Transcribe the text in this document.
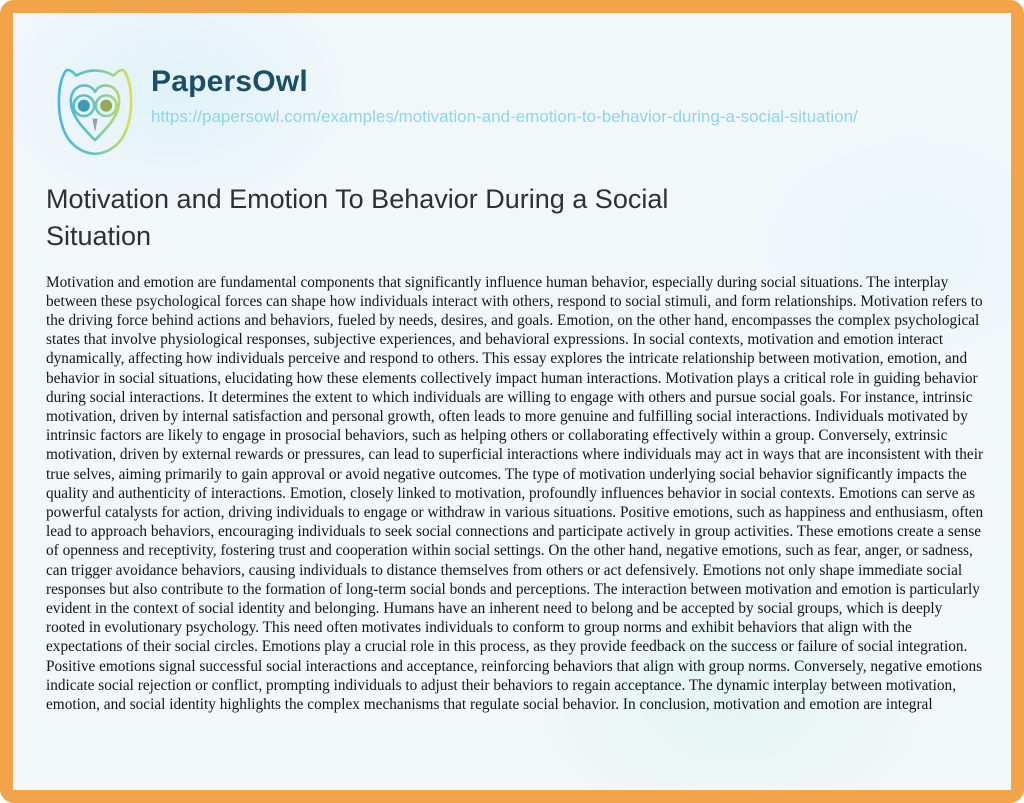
PapersOwl
https://papersowl.com/examples/motivation-and-emotion-to-behavior-during-a-social-situation/
Motivation and Emotion To Behavior During a Social Situation
Motivation and emotion are fundamental components that significantly influence human behavior, especially during social situations. The interplay between these psychological forces can shape how individuals interact with others, respond to social stimuli, and form relationships. Motivation refers to the driving force behind actions and behaviors, fueled by needs, desires, and goals. Emotion, on the other hand, encompasses the complex psychological states that involve physiological responses, subjective experiences, and behavioral expressions. In social contexts, motivation and emotion interact dynamically, affecting how individuals perceive and respond to others. This essay explores the intricate relationship between motivation, emotion, and behavior in social situations, elucidating how these elements collectively impact human interactions. Motivation plays a critical role in guiding behavior during social interactions. It determines the extent to which individuals are willing to engage with others and pursue social goals. For instance, intrinsic motivation, driven by internal satisfaction and personal growth, often leads to more genuine and fulfilling social interactions. Individuals motivated by intrinsic factors are likely to engage in prosocial behaviors, such as helping others or collaborating effectively within a group. Conversely, extrinsic motivation, driven by external rewards or pressures, can lead to superficial interactions where individuals may act in ways that are inconsistent with their true selves, aiming primarily to gain approval or avoid negative outcomes. The type of motivation underlying social behavior significantly impacts the quality and authenticity of interactions. Emotion, closely linked to motivation, profoundly influences behavior in social contexts. Emotions can serve as powerful catalysts for action, driving individuals to engage or withdraw in various situations. Positive emotions, such as happiness and enthusiasm, often lead to approach behaviors, encouraging individuals to seek social connections and participate actively in group activities. These emotions create a sense of openness and receptivity, fostering trust and cooperation within social settings. On the other hand, negative emotions, such as fear, anger, or sadness, can trigger avoidance behaviors, causing individuals to distance themselves from others or act defensively. Emotions not only shape immediate social responses but also contribute to the formation of long-term social bonds and perceptions. The interaction between motivation and emotion is particularly evident in the context of social identity and belonging. Humans have an inherent need to belong and be accepted by social groups, which is deeply rooted in evolutionary psychology. This need often motivates individuals to conform to group norms and exhibit behaviors that align with the expectations of their social circles. Emotions play a crucial role in this process, as they provide feedback on the success or failure of social integration. Positive emotions signal successful social interactions and acceptance, reinforcing behaviors that align with group norms. Conversely, negative emotions indicate social rejection or conflict, prompting individuals to adjust their behaviors to regain acceptance. The dynamic interplay between motivation, emotion, and social identity highlights the complex mechanisms that regulate social behavior. In conclusion, motivation and emotion are integral
